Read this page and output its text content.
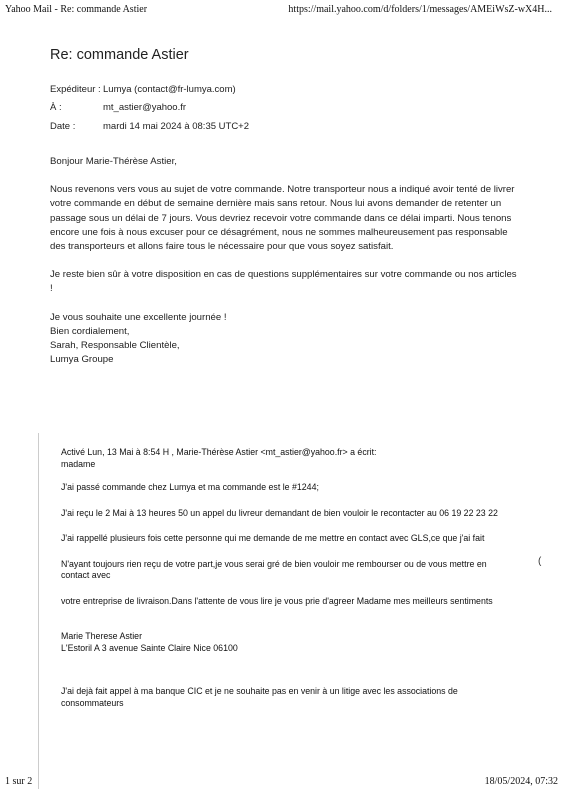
Yahoo Mail - Re: commande Astier	https://mail.yahoo.com/d/folders/1/messages/AMEiWsZ-wX4H...
Re: commande Astier
Expéditeur : Lumya (contact@fr-lumya.com)
À :	mt_astier@yahoo.fr
Date :	mardi 14 mai 2024 à 08:35 UTC+2

Bonjour Marie-Thérèse Astier,

Nous revenons vers vous au sujet de votre commande. Notre transporteur nous a indiqué avoir tenté de livrer votre commande en début de semaine dernière mais sans retour. Nous lui avons demander de retenter un passage sous un délai de 7 jours. Vous devriez recevoir votre commande dans ce délai imparti. Nous tenons encore une fois à nous excuser pour ce désagrément, nous ne sommes malheureusement pas responsable des transporteurs et allons faire tous le nécessaire pour que vous soyez satisfait.

Je reste bien sûr à votre disposition en cas de questions supplémentaires sur votre commande ou nos articles !

Je vous souhaite une excellente journée !
Bien cordialement,
Sarah, Responsable Clientèle,
Lumya Groupe
Activé Lun, 13 Mai à 8:54 H , Marie-Thérèse Astier <mt_astier@yahoo.fr> a écrit:

madame

J'ai passé commande chez Lumya et ma commande est le #1244;

J'ai reçu le 2 Mai à 13 heures 50 un appel du livreur demandant de bien vouloir le recontacter au 06 19 22 23 22

J'ai rappellé plusieurs fois cette personne qui me demande de me mettre en contact avec GLS,ce que j'ai fait

N'ayant toujours rien reçu de votre part,je vous serai gré de bien vouloir me rembourser ou de vous mettre en contact avec

votre entreprise de livraison.Dans l'attente de vous lire je vous prie d'agreer Madame mes meilleurs sentiments

Marie Therese Astier

L'Estoril A 3 avenue Sainte Claire Nice 06100

J'ai dejà fait appel à ma banque CIC et je ne souhaite pas en venir à un litige avec les associations de consommateurs

(
1 sur 2	18/05/2024, 07:32
